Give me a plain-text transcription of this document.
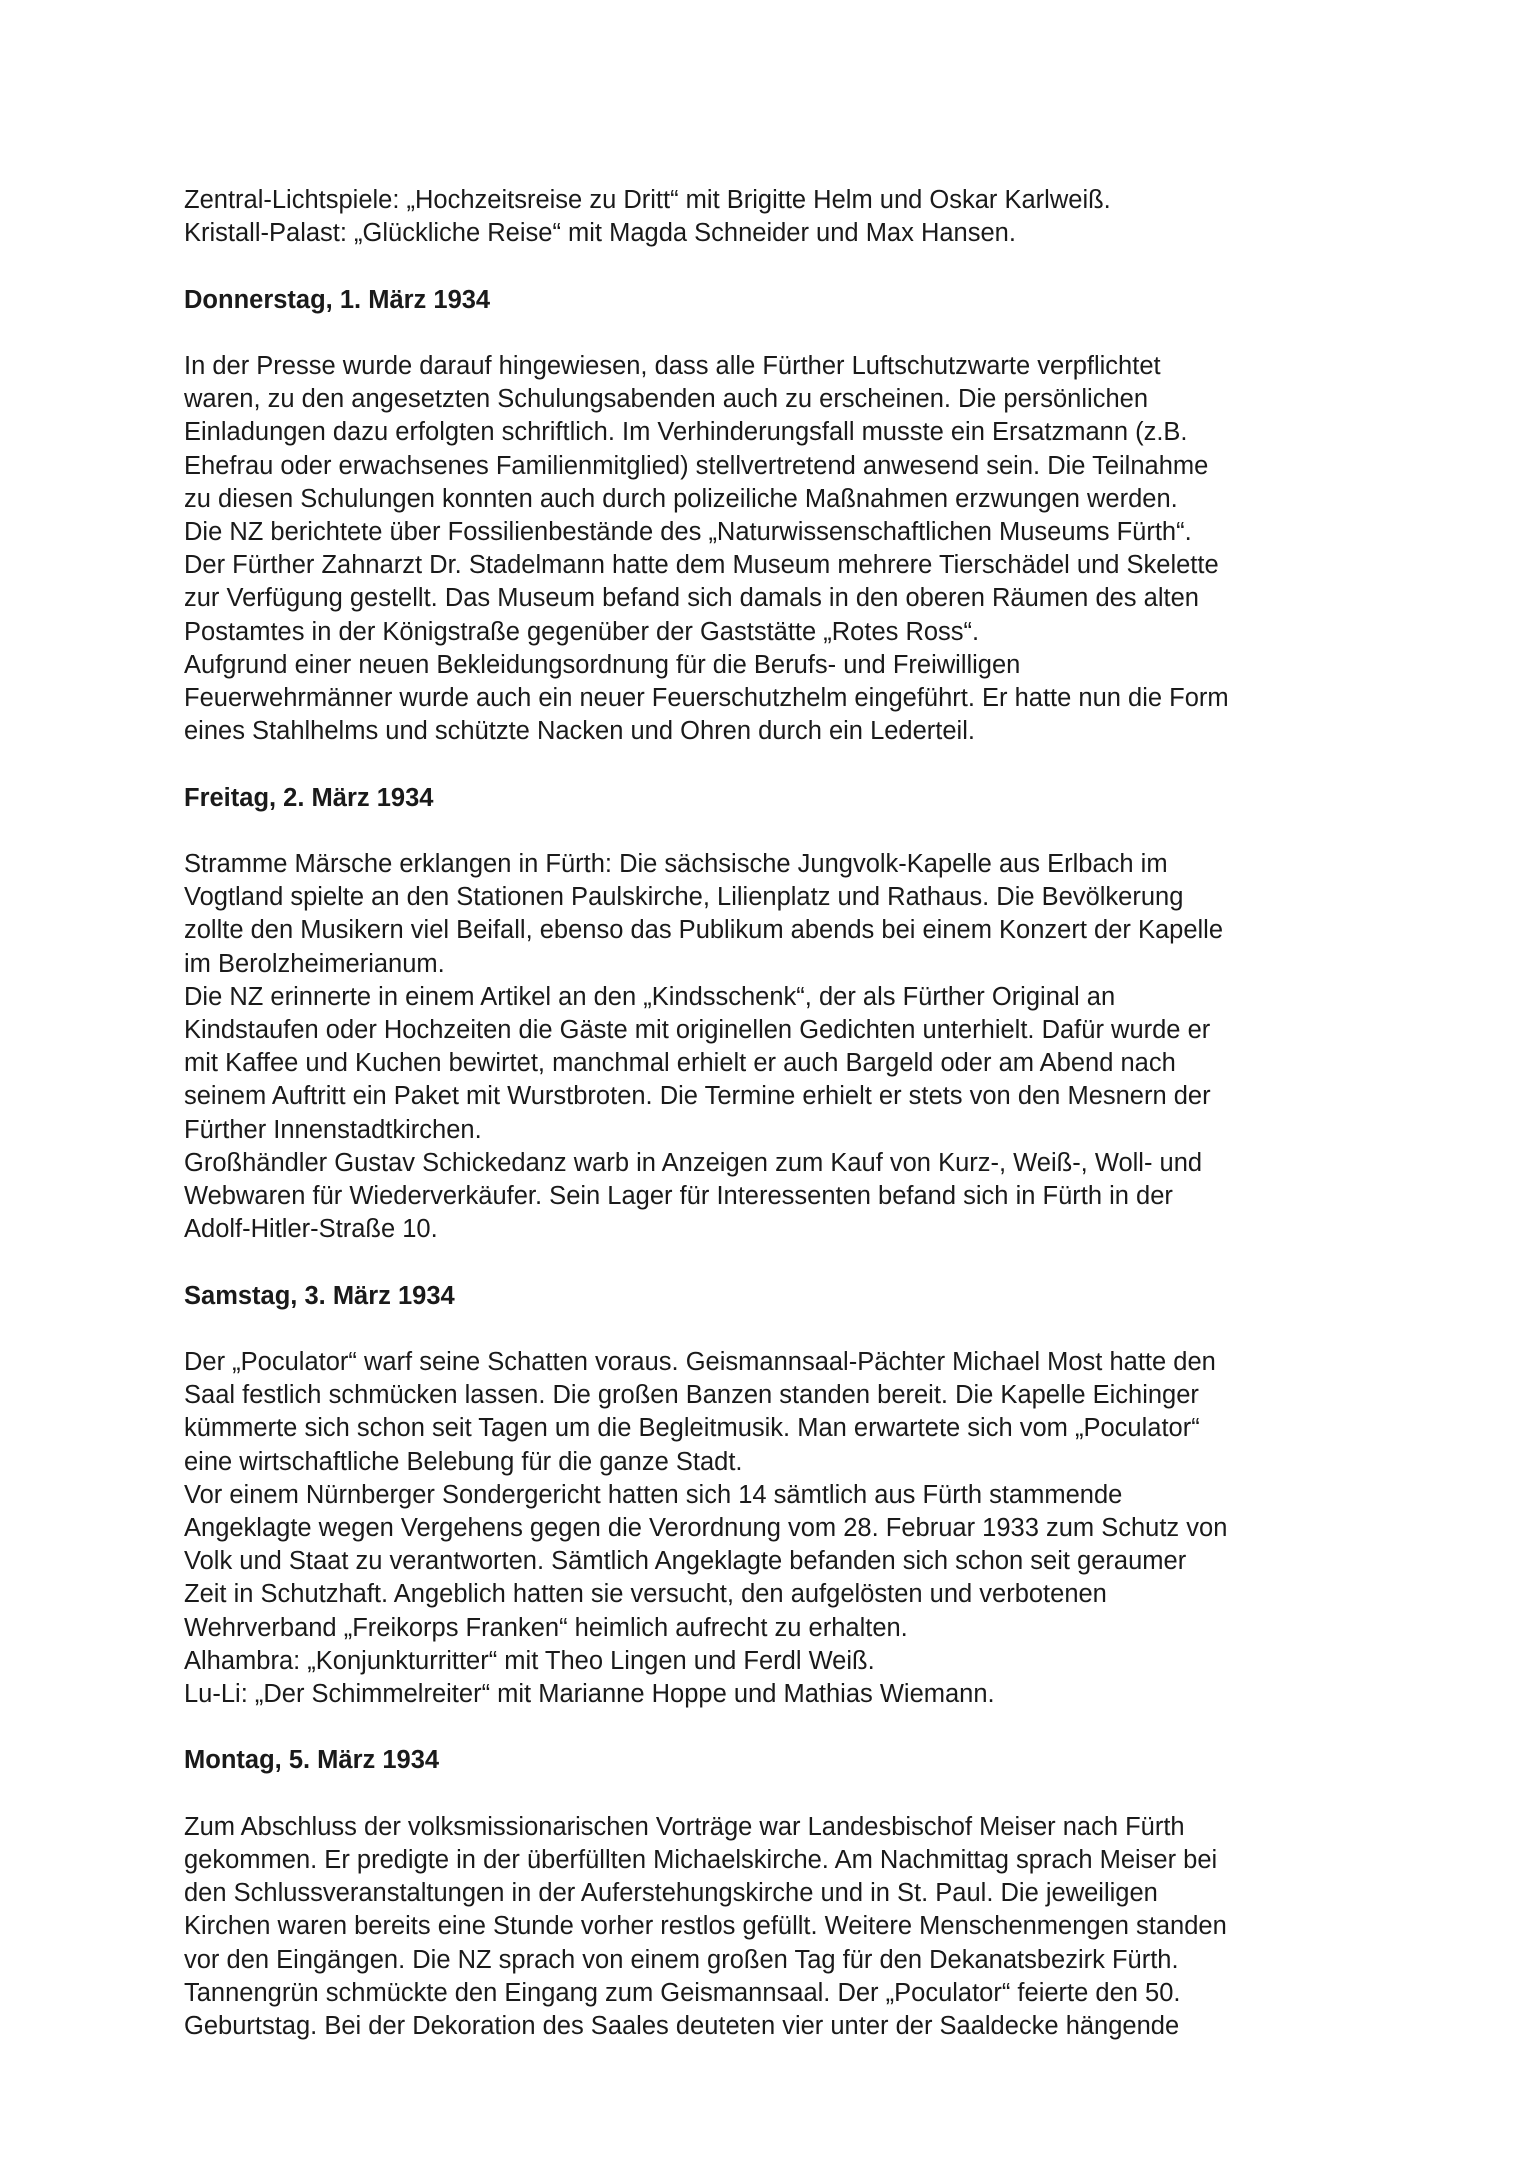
Zentral-Lichtspiele: „Hochzeitsreise zu Dritt“ mit Brigitte Helm und Oskar Karlweiß.
Kristall-Palast: „Glückliche Reise“ mit Magda Schneider und Max Hansen.
Donnerstag, 1. März 1934
In der Presse wurde darauf hingewiesen, dass alle Fürther Luftschutzwarte verpflichtet
waren, zu den angesetzten Schulungsabenden auch zu erscheinen. Die persönlichen
Einladungen dazu erfolgten schriftlich. Im Verhinderungsfall musste ein Ersatzmann (z.B.
Ehefrau oder erwachsenes Familienmitglied) stellvertretend anwesend sein. Die Teilnahme
zu diesen Schulungen konnten auch durch polizeiliche Maßnahmen erzwungen werden.
Die NZ berichtete über Fossilienbestände des „Naturwissenschaftlichen Museums Fürth“.
Der Fürther Zahnarzt Dr. Stadelmann hatte dem Museum mehrere Tierschädel und Skelette
zur Verfügung gestellt. Das Museum befand sich damals in den oberen Räumen des alten
Postamtes in der Königstraße gegenüber der Gaststätte „Rotes Ross“.
Aufgrund einer neuen Bekleidungsordnung für die Berufs- und Freiwilligen
Feuerwehrmänner wurde auch ein neuer Feuerschutzhelm eingeführt. Er hatte nun die Form
eines Stahlhelms und schützte Nacken und Ohren durch ein Lederteil.
Freitag, 2. März 1934
Stramme Märsche erklangen in Fürth: Die sächsische Jungvolk-Kapelle aus Erlbach im
Vogtland spielte an den Stationen Paulskirche, Lilienplatz und Rathaus. Die Bevölkerung
zollte den Musikern viel Beifall, ebenso das Publikum abends bei einem Konzert der Kapelle
im Berolzheimerianum.
Die NZ erinnerte in einem Artikel an den „Kindsschenk“, der als Fürther Original an
Kindstaufen oder Hochzeiten die Gäste mit originellen Gedichten unterhielt. Dafür wurde er
mit Kaffee und Kuchen bewirtet, manchmal erhielt er auch Bargeld oder am Abend nach
seinem Auftritt ein Paket mit Wurstbroten. Die Termine erhielt er stets von den Mesnern der
Fürther Innenstadtkirchen.
Großhändler Gustav Schickedanz warb in Anzeigen zum Kauf von Kurz-, Weiß-, Woll- und
Webwaren für Wiederverkäufer. Sein Lager für Interessenten befand sich in Fürth in der
Adolf-Hitler-Straße 10.
Samstag, 3. März 1934
Der „Poculator“ warf seine Schatten voraus. Geismannsaal-Pächter Michael Most hatte den
Saal festlich schmücken lassen. Die großen Banzen standen bereit. Die Kapelle Eichinger
kümmerte sich schon seit Tagen um die Begleitmusik. Man erwartete sich vom „Poculator“
eine wirtschaftliche Belebung für die ganze Stadt.
Vor einem Nürnberger Sondergericht hatten sich 14 sämtlich aus Fürth stammende
Angeklagte wegen Vergehens gegen die Verordnung vom 28. Februar 1933 zum Schutz von
Volk und Staat zu verantworten. Sämtlich Angeklagte befanden sich schon seit geraumer
Zeit in Schutzhaft. Angeblich hatten sie versucht, den aufgelösten und verbotenen
Wehrverband „Freikorps Franken“ heimlich aufrecht zu erhalten.
Alhambra: „Konjunkturritter“ mit Theo Lingen und Ferdl Weiß.
Lu-Li: „Der Schimmelreiter“ mit Marianne Hoppe und Mathias Wiemann.
Montag, 5. März 1934
Zum Abschluss der volksmissionarischen Vorträge war Landesbischof Meiser nach Fürth
gekommen. Er predigte in der überfüllten Michaelskirche. Am Nachmittag sprach Meiser bei
den Schlussveranstaltungen in der Auferstehungskirche und in St. Paul. Die jeweiligen
Kirchen waren bereits eine Stunde vorher restlos gefüllt. Weitere Menschenmengen standen
vor den Eingängen. Die NZ sprach von einem großen Tag für den Dekanatsbezirk Fürth.
Tannengrün schmückte den Eingang zum Geismannsaal. Der „Poculator“ feierte den 50.
Geburtstag. Bei der Dekoration des Saales deuteten vier unter der Saaldecke hängende
